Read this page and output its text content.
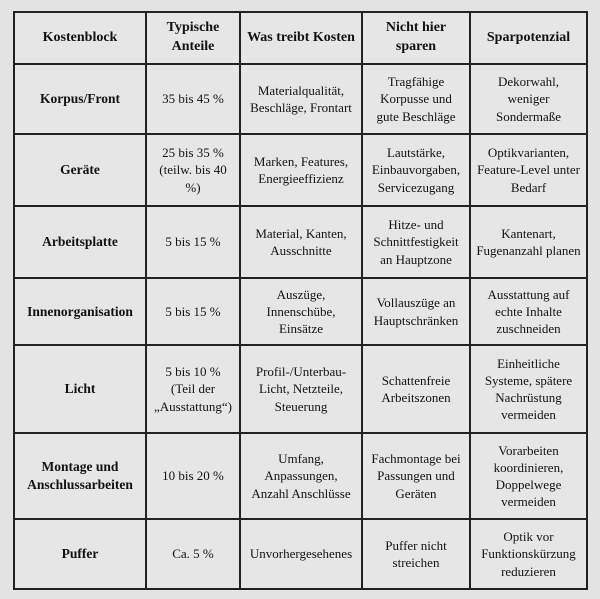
Kostenblock	Typische Anteile	Was treibt Kosten	Nicht hier sparen	Sparpotenzial
Korpus/Front	35 bis 45 %	Materialqualität, Beschläge, Frontart	Tragfähige Korpusse und gute Beschläge	Dekorwahl, weniger Sondermaße
Geräte	25 bis 35 % (teilw. bis 40 %)	Marken, Features, Energieeffizienz	Lautstärke, Einbauvorgaben, Servicezugang	Optikvarianten, Feature-Level unter Bedarf
Arbeitsplatte	5 bis 15 %	Material, Kanten, Ausschnitte	Hitze- und Schnittfestigkeit an Hauptzone	Kantenart, Fugenanzahl planen
Innenorganisation	5 bis 15 %	Auszüge, Innenschübe, Einsätze	Vollauszüge an Hauptschränken	Ausstattung auf echte Inhalte zuschneiden
Licht	5 bis 10 % (Teil der „Ausstattung“)	Profil-/Unterbau-Licht, Netzteile, Steuerung	Schattenfreie Arbeitszonen	Einheitliche Systeme, spätere Nachrüstung vermeiden
Montage und Anschlussarbeiten	10 bis 20 %	Umfang, Anpassungen, Anzahl Anschlüsse	Fachmontage bei Passungen und Geräten	Vorarbeiten koordinieren, Doppelwege vermeiden
Puffer	Ca. 5 %	Unvorhergesehenes	Puffer nicht streichen	Optik vor Funktionskürzung reduzieren
